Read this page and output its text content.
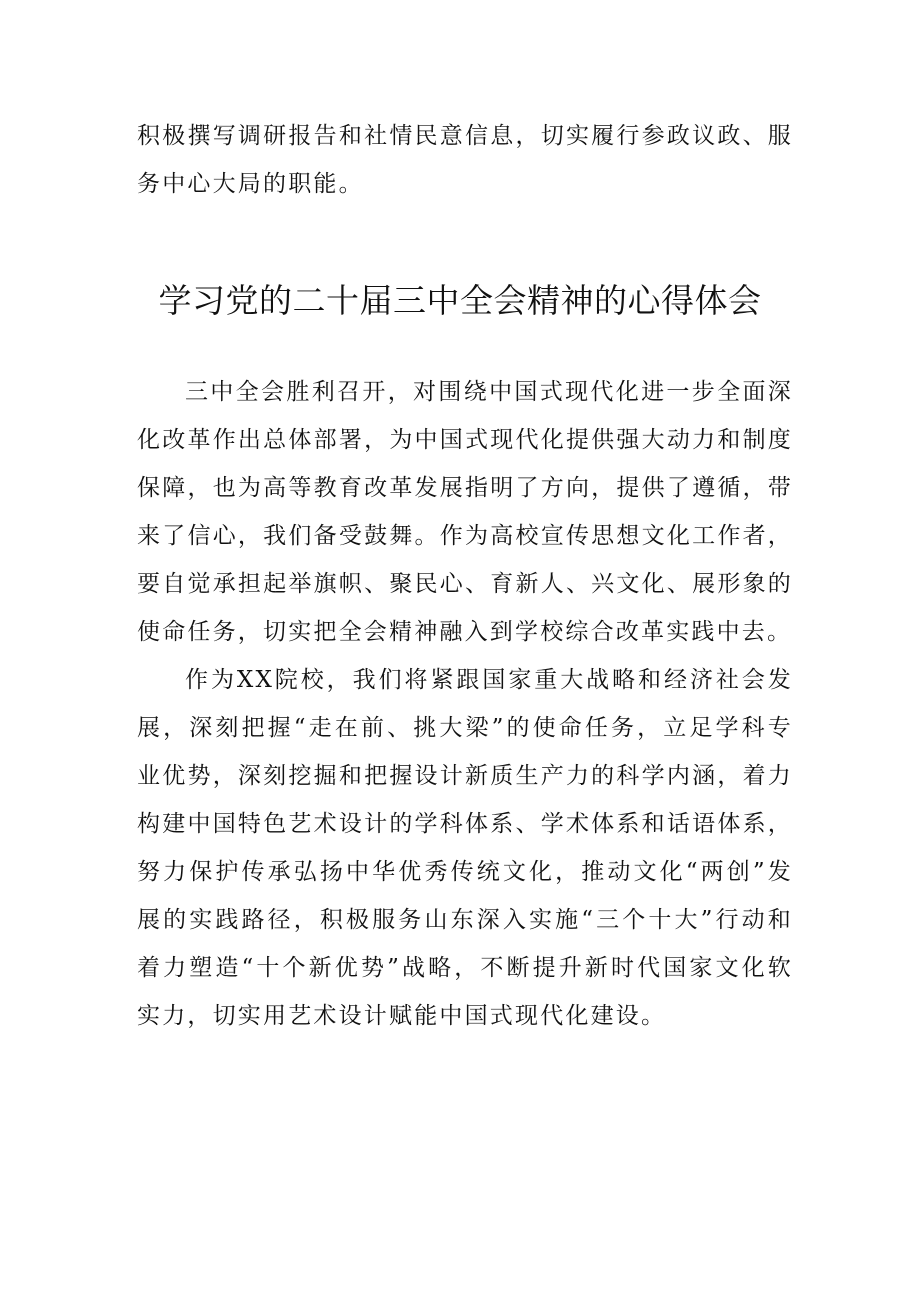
积极撰写调研报告和社情民意信息，切实履行参政议政、服务中心大局的职能。

学习党的二十届三中全会精神的心得体会

三中全会胜利召开，对围绕中国式现代化进一步全面深化改革作出总体部署，为中国式现代化提供强大动力和制度保障，也为高等教育改革发展指明了方向，提供了遵循，带来了信心，我们备受鼓舞。作为高校宣传思想文化工作者，要自觉承担起举旗帜、聚民心、育新人、兴文化、展形象的使命任务，切实把全会精神融入到学校综合改革实践中去。

作为XX院校，我们将紧跟国家重大战略和经济社会发展，深刻把握“走在前、挑大梁”的使命任务，立足学科专业优势，深刻挖掘和把握设计新质生产力的科学内涵，着力构建中国特色艺术设计的学科体系、学术体系和话语体系，努力保护传承弘扬中华优秀传统文化，推动文化“两创”发展的实践路径，积极服务山东深入实施“三个十大”行动和着力塑造“十个新优势”战略，不断提升新时代国家文化软实力，切实用艺术设计赋能中国式现代化建设。
